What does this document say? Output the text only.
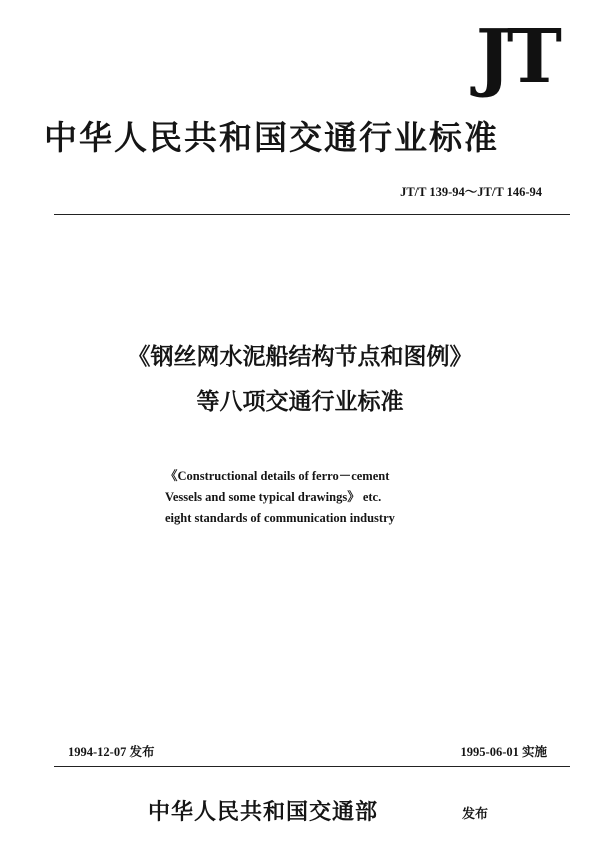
JT
中华人民共和国交通行业标准
JT/T 139-94～JT/T 146-94
《钢丝网水泥船结构节点和图例》
等八项交通行业标准
《Constructional details of ferro－cement
Vessels and some typical drawings》 etc.
eight standards of communication industry
1994-12-07 发布	1995-06-01 实施
中华人民共和国交通部	发布
